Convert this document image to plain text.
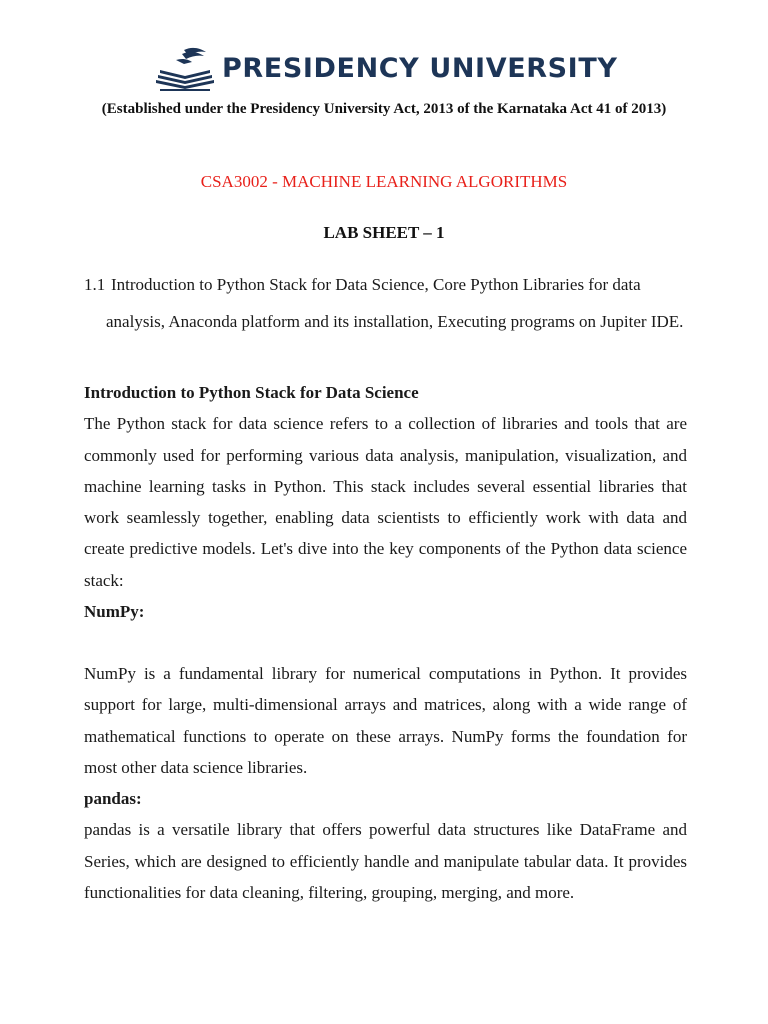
PRESIDENCY UNIVERSITY
(Established under the Presidency University Act, 2013 of the Karnataka Act 41 of 2013)
CSA3002 - MACHINE LEARNING ALGORITHMS
LAB SHEET – 1
1.1 Introduction to Python Stack for Data Science, Core Python Libraries for data analysis, Anaconda platform and its installation, Executing programs on Jupiter IDE.

Introduction to Python Stack for Data Science

The Python stack for data science refers to a collection of libraries and tools that are commonly used for performing various data analysis, manipulation, visualization, and machine learning tasks in Python. This stack includes several essential libraries that work seamlessly together, enabling data scientists to efficiently work with data and create predictive models. Let's dive into the key components of the Python data science stack:

NumPy:

NumPy is a fundamental library for numerical computations in Python. It provides support for large, multi-dimensional arrays and matrices, along with a wide range of mathematical functions to operate on these arrays. NumPy forms the foundation for most other data science libraries.

pandas:

pandas is a versatile library that offers powerful data structures like DataFrame and Series, which are designed to efficiently handle and manipulate tabular data. It provides functionalities for data cleaning, filtering, grouping, merging, and more.
